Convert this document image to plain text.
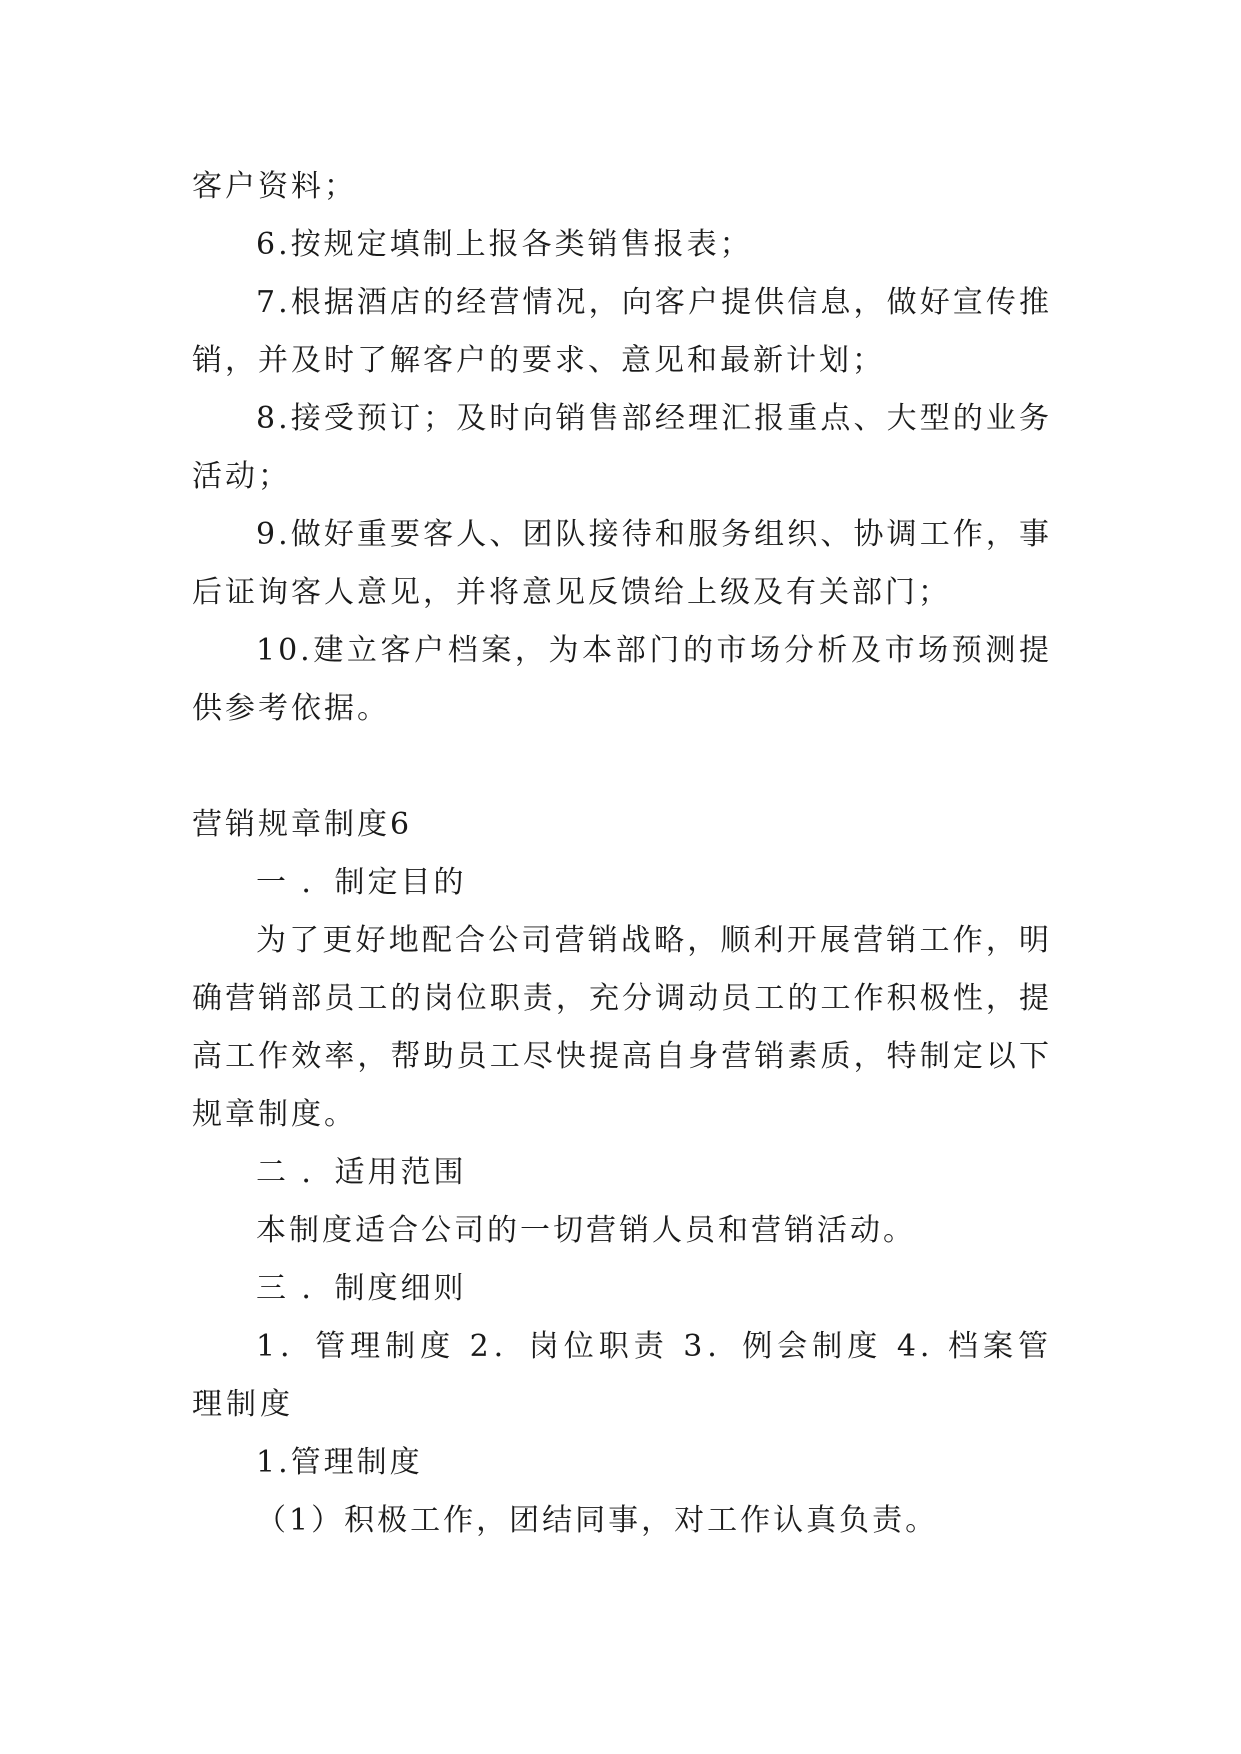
客户资料；

6.按规定填制上报各类销售报表；

7.根据酒店的经营情况，向客户提供信息，做好宣传推销，并及时了解客户的要求、意见和最新计划；

8.接受预订；及时向销售部经理汇报重点、大型的业务活动；

9.做好重要客人、团队接待和服务组织、协调工作，事后证询客人意见，并将意见反馈给上级及有关部门；

10.建立客户档案，为本部门的市场分析及市场预测提供参考依据。

营销规章制度6

一 ．制定目的

为了更好地配合公司营销战略，顺利开展营销工作，明确营销部员工的岗位职责，充分调动员工的工作积极性，提高工作效率，帮助员工尽快提高自身营销素质，特制定以下规章制度。

二 ．适用范围

本制度适合公司的一切营销人员和营销活动。

三 ．制度细则

1．管理制度 2．岗位职责 3．例会制度 4. 档案管理制度

1.管理制度

（1）积极工作，团结同事，对工作认真负责。
